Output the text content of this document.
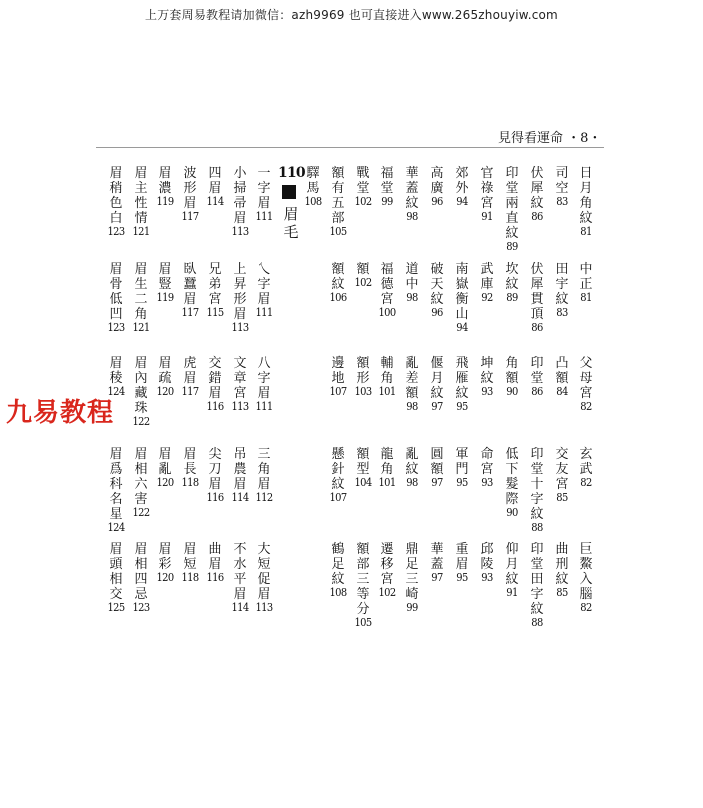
上万套周易教程请加微信：azh9969 也可直接进入www.265zhouyiw.com
見得看運命 ・8・
日
月
角
紋
81
中
正
81
父
母
宮
82
玄
武
82
巨
鰲
入
腦
82
司
空
83
田
宇
紋
83
凸
額
84
交
友
宮
85
曲
刑
紋
85
伏
犀
紋
86
伏
犀
貫
頂
86
印
堂
86
印
堂
十
字
紋
88
印
堂
田
字
紋
88
印
堂
兩
直
紋
89
坎
紋
89
角
額
90
低
下
髮
際
90
仰
月
紋
91
官
祿
宮
91
武
庫
92
坤
紋
93
命
宮
93
邱
陵
93
郊
外
94
南
嶽
衡
山
94
飛
雁
紋
95
軍
門
95
重
眉
95
高
廣
96
破
天
紋
96
偃
月
紋
97
圓
額
97
華
蓋
97
華
蓋
紋
98
道
中
98
亂
差
額
98
亂
紋
98
鼎
足
三
崎
99
福
堂
99
福
德
宮
100
輔
角
101
龍
角
101
遷
移
宮
102
戰
堂
102
額
102
額
形
103
額
型
104
額
部
三
等
分
105
額
有
五
部
105
額
紋
106
邊
地
107
懸
針
紋
107
鶴
足
紋
108
驛
馬
108
一
字
眉
111
乀
字
眉
111
八
字
眉
111
三
角
眉
112
大
短
促
眉
113
小
掃
帚
眉
113
上
昇
形
眉
113
文
章
宮
113
吊
農
眉
114
不
水
平
眉
114
四
眉
114
兄
弟
宮
115
交
錯
眉
116
尖
刀
眉
116
曲
眉
116
波
形
眉
117
臥
蠶
眉
117
虎
眉
117
眉
長
118
眉
短
118
眉
濃
119
眉
豎
119
眉
疏
120
眉
亂
120
眉
彩
120
眉
主
性
情
121
眉
生
二
角
121
眉
內
藏
珠
122
眉
相
六
害
122
眉
相
四
忌
123
眉
稍
色
白
123
眉
骨
低
凹
123
眉
稜
124
眉
爲
科
名
星
124
眉
頭
相
交
125
110
眉
毛
九易教程
